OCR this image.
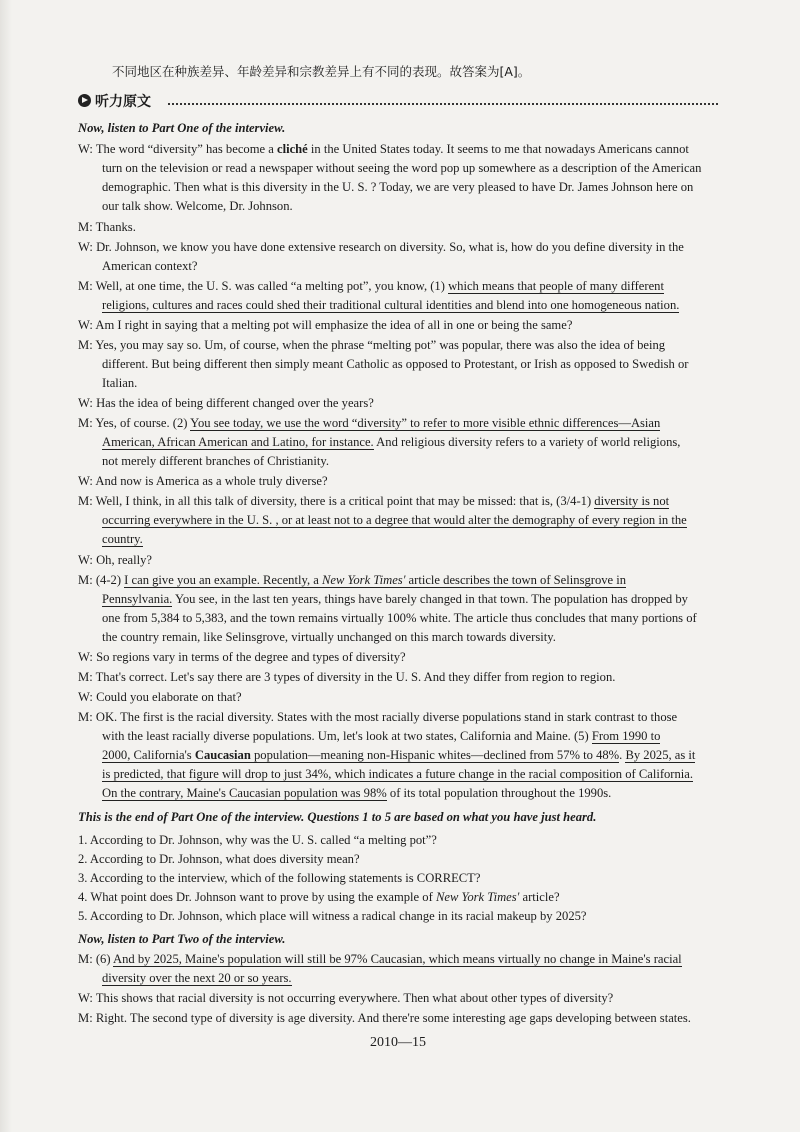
不同地区在种族差异、年龄差异和宗教差异上有不同的表现。故答案为[A]。
听力原文
Now, listen to Part One of the interview.
W: The word “diversity” has become a cliché in the United States today. It seems to me that nowadays Americans cannot
turn on the television or read a newspaper without seeing the word pop up somewhere as a description of the American
demographic. Then what is this diversity in the U. S. ? Today, we are very pleased to have Dr. James Johnson here on
our talk show. Welcome, Dr. Johnson.
M: Thanks.
W: Dr. Johnson, we know you have done extensive research on diversity. So, what is, how do you define diversity in the
American context?
M: Well, at one time, the U. S. was called “a melting pot”, you know, (1) which means that people of many different
religions, cultures and races could shed their traditional cultural identities and blend into one homogeneous nation.
W: Am I right in saying that a melting pot will emphasize the idea of all in one or being the same?
M: Yes, you may say so. Um, of course, when the phrase “melting pot” was popular, there was also the idea of being
different. But being different then simply meant Catholic as opposed to Protestant, or Irish as opposed to Swedish or
Italian.
W: Has the idea of being different changed over the years?
M: Yes, of course. (2) You see today, we use the word “diversity” to refer to more visible ethnic differences—Asian
American, African American and Latino, for instance. And religious diversity refers to a variety of world religions,
not merely different branches of Christianity.
W: And now is America as a whole truly diverse?
M: Well, I think, in all this talk of diversity, there is a critical point that may be missed: that is, (3/4-1) diversity is not
occurring everywhere in the U. S. , or at least not to a degree that would alter the demography of every region in the
country.
W: Oh, really?
M: (4-2) I can give you an example. Recently, a New York Times' article describes the town of Selinsgrove in
Pennsylvania. You see, in the last ten years, things have barely changed in that town. The population has dropped by
one from 5,384 to 5,383, and the town remains virtually 100% white. The article thus concludes that many portions of
the country remain, like Selinsgrove, virtually unchanged on this march towards diversity.
W: So regions vary in terms of the degree and types of diversity?
M: That's correct. Let's say there are 3 types of diversity in the U. S. And they differ from region to region.
W: Could you elaborate on that?
M: OK. The first is the racial diversity. States with the most racially diverse populations stand in stark contrast to those
with the least racially diverse populations. Um, let's look at two states, California and Maine. (5) From 1990 to
2000, California's Caucasian population—meaning non-Hispanic whites—declined from 57% to 48%. By 2025, as it
is predicted, that figure will drop to just 34%, which indicates a future change in the racial composition of California.
On the contrary, Maine's Caucasian population was 98% of its total population throughout the 1990s.
This is the end of Part One of the interview. Questions 1 to 5 are based on what you have just heard.
1. According to Dr. Johnson, why was the U. S. called “a melting pot”?
2. According to Dr. Johnson, what does diversity mean?
3. According to the interview, which of the following statements is CORRECT?
4. What point does Dr. Johnson want to prove by using the example of New York Times' article?
5. According to Dr. Johnson, which place will witness a radical change in its racial makeup by 2025?
Now, listen to Part Two of the interview.
M: (6) And by 2025, Maine's population will still be 97% Caucasian, which means virtually no change in Maine's racial
diversity over the next 20 or so years.
W: This shows that racial diversity is not occurring everywhere. Then what about other types of diversity?
M: Right. The second type of diversity is age diversity. And there're some interesting age gaps developing between states.
2010—15
